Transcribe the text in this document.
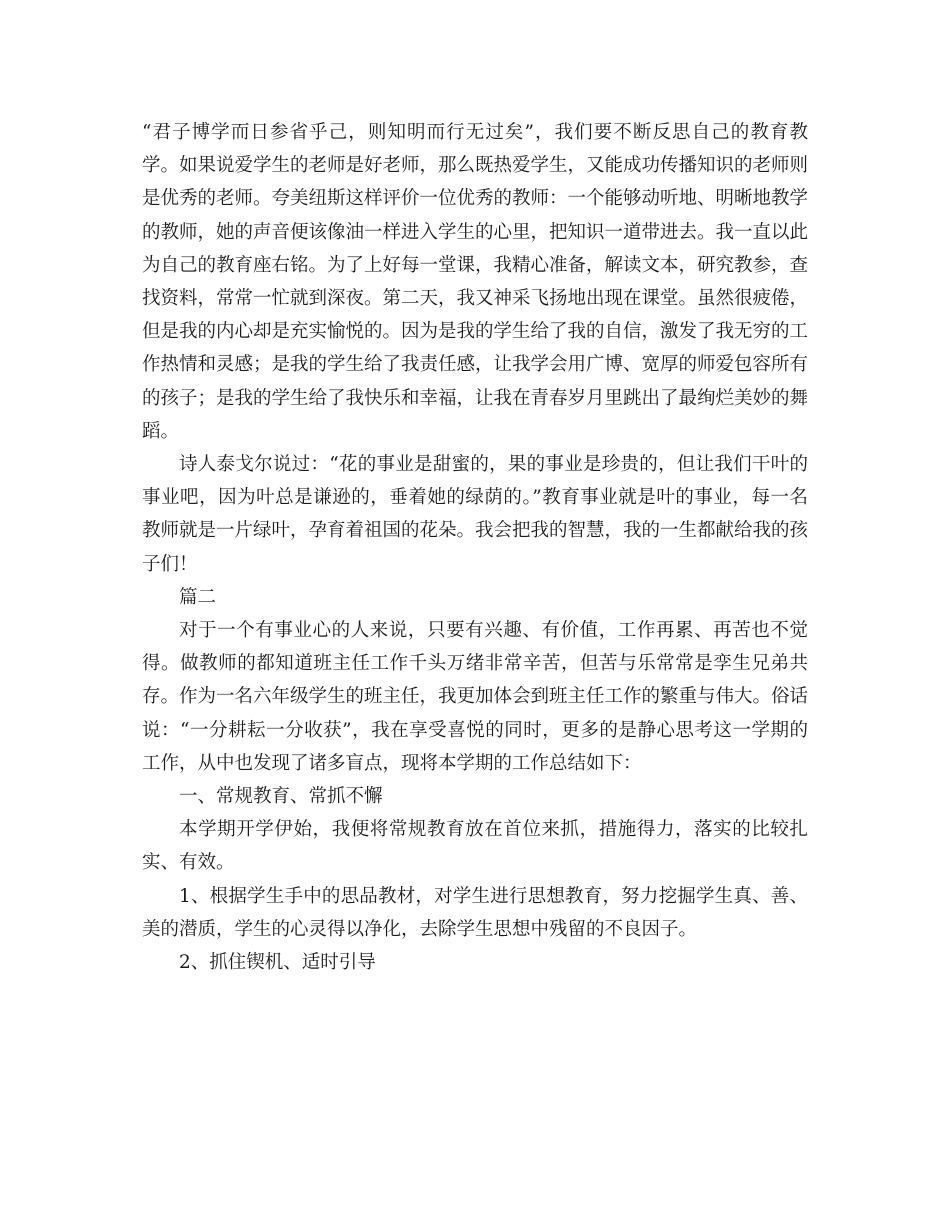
“君子博学而日参省乎己，则知明而行无过矣”，我们要不断反思自己的教育教学。如果说爱学生的老师是好老师，那么既热爱学生，又能成功传播知识的老师则是优秀的老师。夸美纽斯这样评价一位优秀的教师：一个能够动听地、明晰地教学的教师，她的声音便该像油一样进入学生的心里，把知识一道带进去。我一直以此为自己的教育座右铭。为了上好每一堂课，我精心准备，解读文本，研究教参，查找资料，常常一忙就到深夜。第二天，我又神采飞扬地出现在课堂。虽然很疲倦，但是我的内心却是充实愉悦的。因为是我的学生给了我的自信，激发了我无穷的工作热情和灵感；是我的学生给了我责任感，让我学会用广博、宽厚的师爱包容所有的孩子；是我的学生给了我快乐和幸福，让我在青春岁月里跳出了最绚烂美妙的舞蹈。

诗人泰戈尔说过：“花的事业是甜蜜的，果的事业是珍贵的，但让我们干叶的事业吧，因为叶总是谦逊的，垂着她的绿荫的。”教育事业就是叶的事业，每一名教师就是一片绿叶，孕育着祖国的花朵。我会把我的智慧，我的一生都献给我的孩子们！

篇二

对于一个有事业心的人来说，只要有兴趣、有价值，工作再累、再苦也不觉得。做教师的都知道班主任工作千头万绪非常辛苦，但苦与乐常常是孪生兄弟共存。作为一名六年级学生的班主任，我更加体会到班主任工作的繁重与伟大。俗话说：“一分耕耘一分收获”，我在享受喜悦的同时，更多的是静心思考这一学期的工作，从中也发现了诸多盲点，现将本学期的工作总结如下：

一、常规教育、常抓不懈

本学期开学伊始，我便将常规教育放在首位来抓，措施得力，落实的比较扎实、有效。

1、根据学生手中的思品教材，对学生进行思想教育，努力挖掘学生真、善、美的潜质，学生的心灵得以净化，去除学生思想中残留的不良因子。

2、抓住锲机、适时引导
